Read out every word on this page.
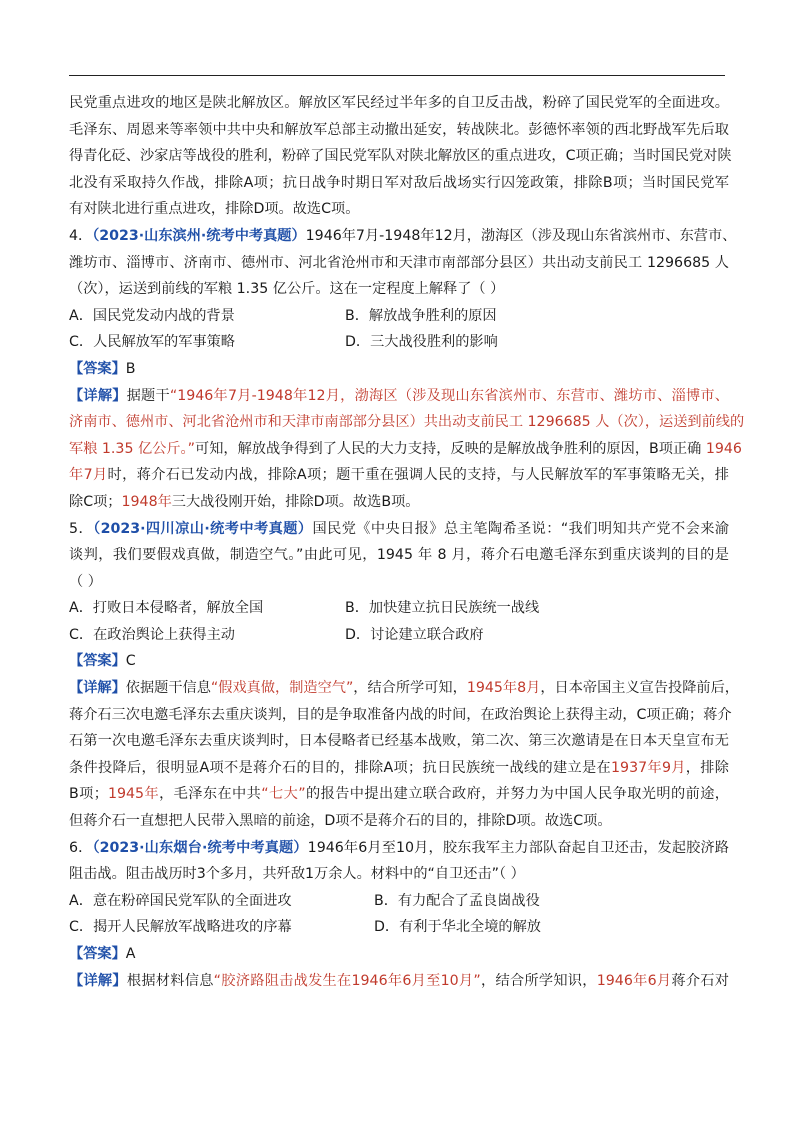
民党重点进攻的地区是陕北解放区。解放区军民经过半年多的自卫反击战，粉碎了国民党军的全面进攻。
毛泽东、周恩来等率领中共中央和解放军总部主动撤出延安，转战陕北。彭德怀率领的西北野战军先后取
得青化砭、沙家店等战役的胜利，粉碎了国民党军队对陕北解放区的重点进攻，C项正确；当时国民党对陕
北没有采取持久作战，排除A项；抗日战争时期日军对敌后战场实行囚笼政策，排除B项；当时国民党军
有对陕北进行重点进攻，排除D项。故选C项。
4．（2023·山东滨州·统考中考真题）1946年7月-1948年12月，渤海区（涉及现山东省滨州市、东营市、
潍坊市、淄博市、济南市、德州市、河北省沧州市和天津市南部部分县区）共出动支前民工 1296685 人
（次），运送到前线的军粮 1.35 亿公斤。这在一定程度上解释了（ ）
A．国民党发动内战的背景	B．解放战争胜利的原因
C．人民解放军的军事策略	D．三大战役胜利的影响
【答案】B
【详解】据题干“1946年7月-1948年12月，渤海区（涉及现山东省滨州市、东营市、潍坊市、淄博市、
济南市、德州市、河北省沧州市和天津市南部部分县区）共出动支前民工 1296685 人（次），运送到前线的
军粮 1.35 亿公斤。”可知，解放战争得到了人民的大力支持，反映的是解放战争胜利的原因，B项正确 1946
年7月时，蒋介石已发动内战，排除A项；题干重在强调人民的支持，与人民解放军的军事策略无关，排
除C项；1948年三大战役刚开始，排除D项。故选B项。
5．（2023·四川凉山·统考中考真题）国民党《中央日报》总主笔陶希圣说：“我们明知共产党不会来渝
谈判，我们要假戏真做，制造空气。”由此可见，1945 年 8 月，蒋介石电邀毛泽东到重庆谈判的目的是
（ ）
A．打败日本侵略者，解放全国	B．加快建立抗日民族统一战线
C．在政治舆论上获得主动	D．讨论建立联合政府
【答案】C
【详解】依据题干信息“假戏真做，制造空气”，结合所学可知，1945年8月，日本帝国主义宣告投降前后，
蒋介石三次电邀毛泽东去重庆谈判，目的是争取准备内战的时间，在政治舆论上获得主动，C项正确；蒋介
石第一次电邀毛泽东去重庆谈判时，日本侵略者已经基本战败，第二次、第三次邀请是在日本天皇宣布无
条件投降后，很明显A项不是蒋介石的目的，排除A项；抗日民族统一战线的建立是在1937年9月，排除
B项；1945年，毛泽东在中共“七大”的报告中提出建立联合政府，并努力为中国人民争取光明的前途，
但蒋介石一直想把人民带入黑暗的前途，D项不是蒋介石的目的，排除D项。故选C项。
6．（2023·山东烟台·统考中考真题）1946年6月至10月，胶东我军主力部队奋起自卫还击，发起胶济路
阻击战。阻击战历时3个多月，共歼敌1万余人。材料中的“自卫还击”（ ）
A．意在粉碎国民党军队的全面进攻	B．有力配合了孟良崮战役
C．揭开人民解放军战略进攻的序幕	D．有利于华北全境的解放
【答案】A
【详解】根据材料信息“胶济路阻击战发生在1946年6月至10月”，结合所学知识，1946年6月蒋介石对
